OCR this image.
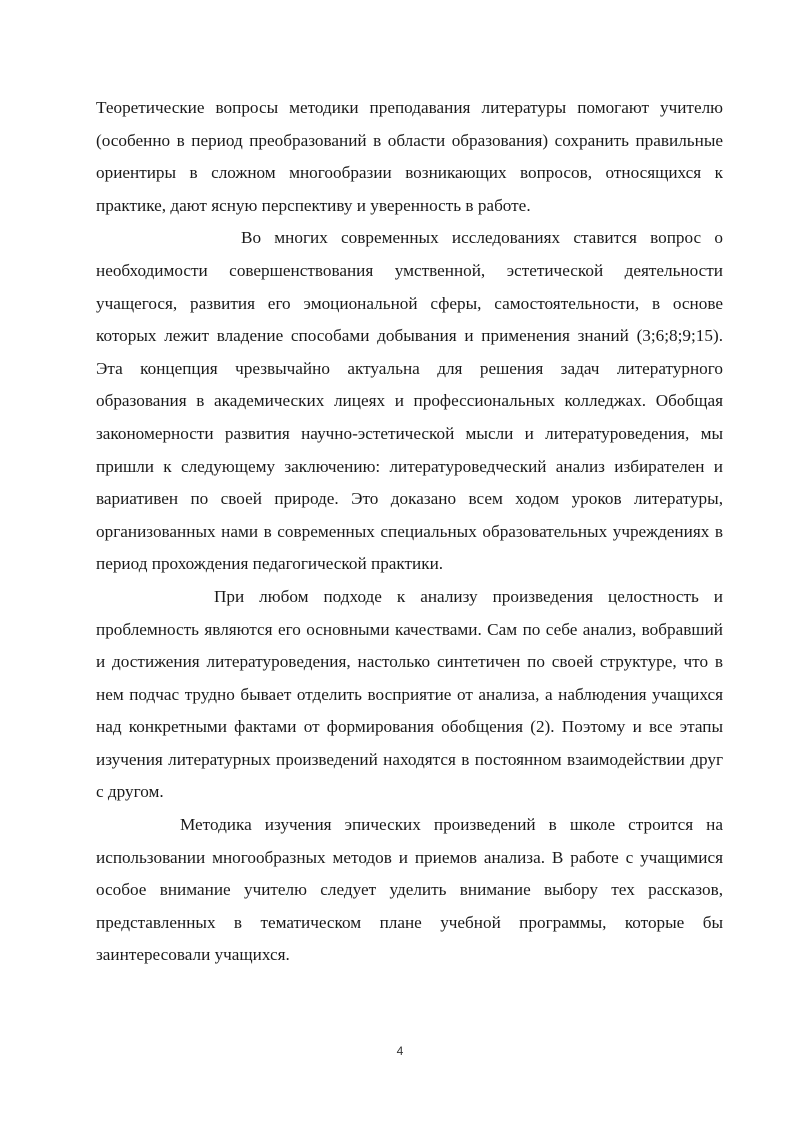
Теоретические вопросы методики преподавания литературы помогают учителю (особенно в период преобразований в области образования) сохранить правильные ориентиры в сложном многообразии возникающих вопросов, относящихся к практике, дают ясную перспективу и уверенность в работе.

Во многих современных исследованиях ставится вопрос о необходимости совершенствования умственной, эстетической деятельности учащегося, развития его эмоциональной сферы, самостоятельности, в основе которых лежит владение способами добывания и применения знаний (3;6;8;9;15). Эта концепция чрезвычайно актуальна для решения задач литературного образования в академических лицеях и профессиональных колледжах. Обобщая закономерности развития научно-эстетической мысли и литературоведения, мы пришли к следующему заключению: литературоведческий анализ избирателен и вариативен по своей природе. Это доказано всем ходом уроков литературы, организованных нами в современных специальных образовательных учреждениях в период прохождения педагогической практики.

При любом подходе к анализу произведения целостность и проблемность являются его основными качествами. Сам по себе анализ, вобравший и достижения литературоведения, настолько синтетичен по своей структуре, что в нем подчас трудно бывает отделить восприятие от анализа, а наблюдения учащихся над конкретными фактами от формирования обобщения (2). Поэтому и все этапы изучения литературных произведений находятся в постоянном взаимодействии друг с другом.

Методика изучения эпических произведений в школе строится на использовании многообразных методов и приемов анализа. В работе с учащимися особое внимание учителю следует уделить внимание выбору тех рассказов, представленных в тематическом плане учебной программы, которые бы заинтересовали учащихся.

4
